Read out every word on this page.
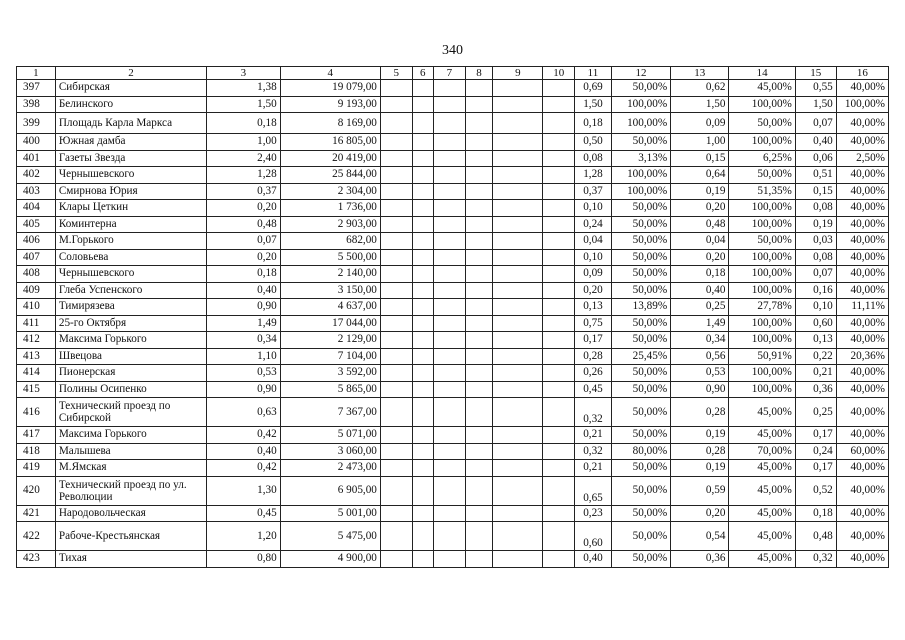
340
1	2	3	4	5	6	7	8	9	10	11	12	13	14	15	16
397	Сибирская	1,38	19 079,00							0,69	50,00%	0,62	45,00%	0,55	40,00%
398	Белинского	1,50	9 193,00							1,50	100,00%	1,50	100,00%	1,50	100,00%
399	Площадь Карла Маркса	0,18	8 169,00							0,18	100,00%	0,09	50,00%	0,07	40,00%
400	Южная дамба	1,00	16 805,00							0,50	50,00%	1,00	100,00%	0,40	40,00%
401	Газеты Звезда	2,40	20 419,00							0,08	3,13%	0,15	6,25%	0,06	2,50%
402	Чернышевского	1,28	25 844,00							1,28	100,00%	0,64	50,00%	0,51	40,00%
403	Смирнова Юрия	0,37	2 304,00							0,37	100,00%	0,19	51,35%	0,15	40,00%
404	Клары Цеткин	0,20	1 736,00							0,10	50,00%	0,20	100,00%	0,08	40,00%
405	Коминтерна	0,48	2 903,00							0,24	50,00%	0,48	100,00%	0,19	40,00%
406	М.Горького	0,07	682,00							0,04	50,00%	0,04	50,00%	0,03	40,00%
407	Соловьева	0,20	5 500,00							0,10	50,00%	0,20	100,00%	0,08	40,00%
408	Чернышевского	0,18	2 140,00							0,09	50,00%	0,18	100,00%	0,07	40,00%
409	Глеба Успенского	0,40	3 150,00							0,20	50,00%	0,40	100,00%	0,16	40,00%
410	Тимирязева	0,90	4 637,00							0,13	13,89%	0,25	27,78%	0,10	11,11%
411	25-го Октября	1,49	17 044,00							0,75	50,00%	1,49	100,00%	0,60	40,00%
412	Максима Горького	0,34	2 129,00							0,17	50,00%	0,34	100,00%	0,13	40,00%
413	Швецова	1,10	7 104,00							0,28	25,45%	0,56	50,91%	0,22	20,36%
414	Пионерская	0,53	3 592,00							0,26	50,00%	0,53	100,00%	0,21	40,00%
415	Полины Осипенко	0,90	5 865,00							0,45	50,00%	0,90	100,00%	0,36	40,00%
416	Технический проезд по Сибирской	0,63	7 367,00							0,32	50,00%	0,28	45,00%	0,25	40,00%
417	Максима Горького	0,42	5 071,00							0,21	50,00%	0,19	45,00%	0,17	40,00%
418	Малышева	0,40	3 060,00							0,32	80,00%	0,28	70,00%	0,24	60,00%
419	М.Ямская	0,42	2 473,00							0,21	50,00%	0,19	45,00%	0,17	40,00%
420	Технический проезд по ул. Революции	1,30	6 905,00							0,65	50,00%	0,59	45,00%	0,52	40,00%
421	Народовольческая	0,45	5 001,00							0,23	50,00%	0,20	45,00%	0,18	40,00%
422	Рабоче-Крестьянская	1,20	5 475,00							0,60	50,00%	0,54	45,00%	0,48	40,00%
423	Тихая	0,80	4 900,00							0,40	50,00%	0,36	45,00%	0,32	40,00%
